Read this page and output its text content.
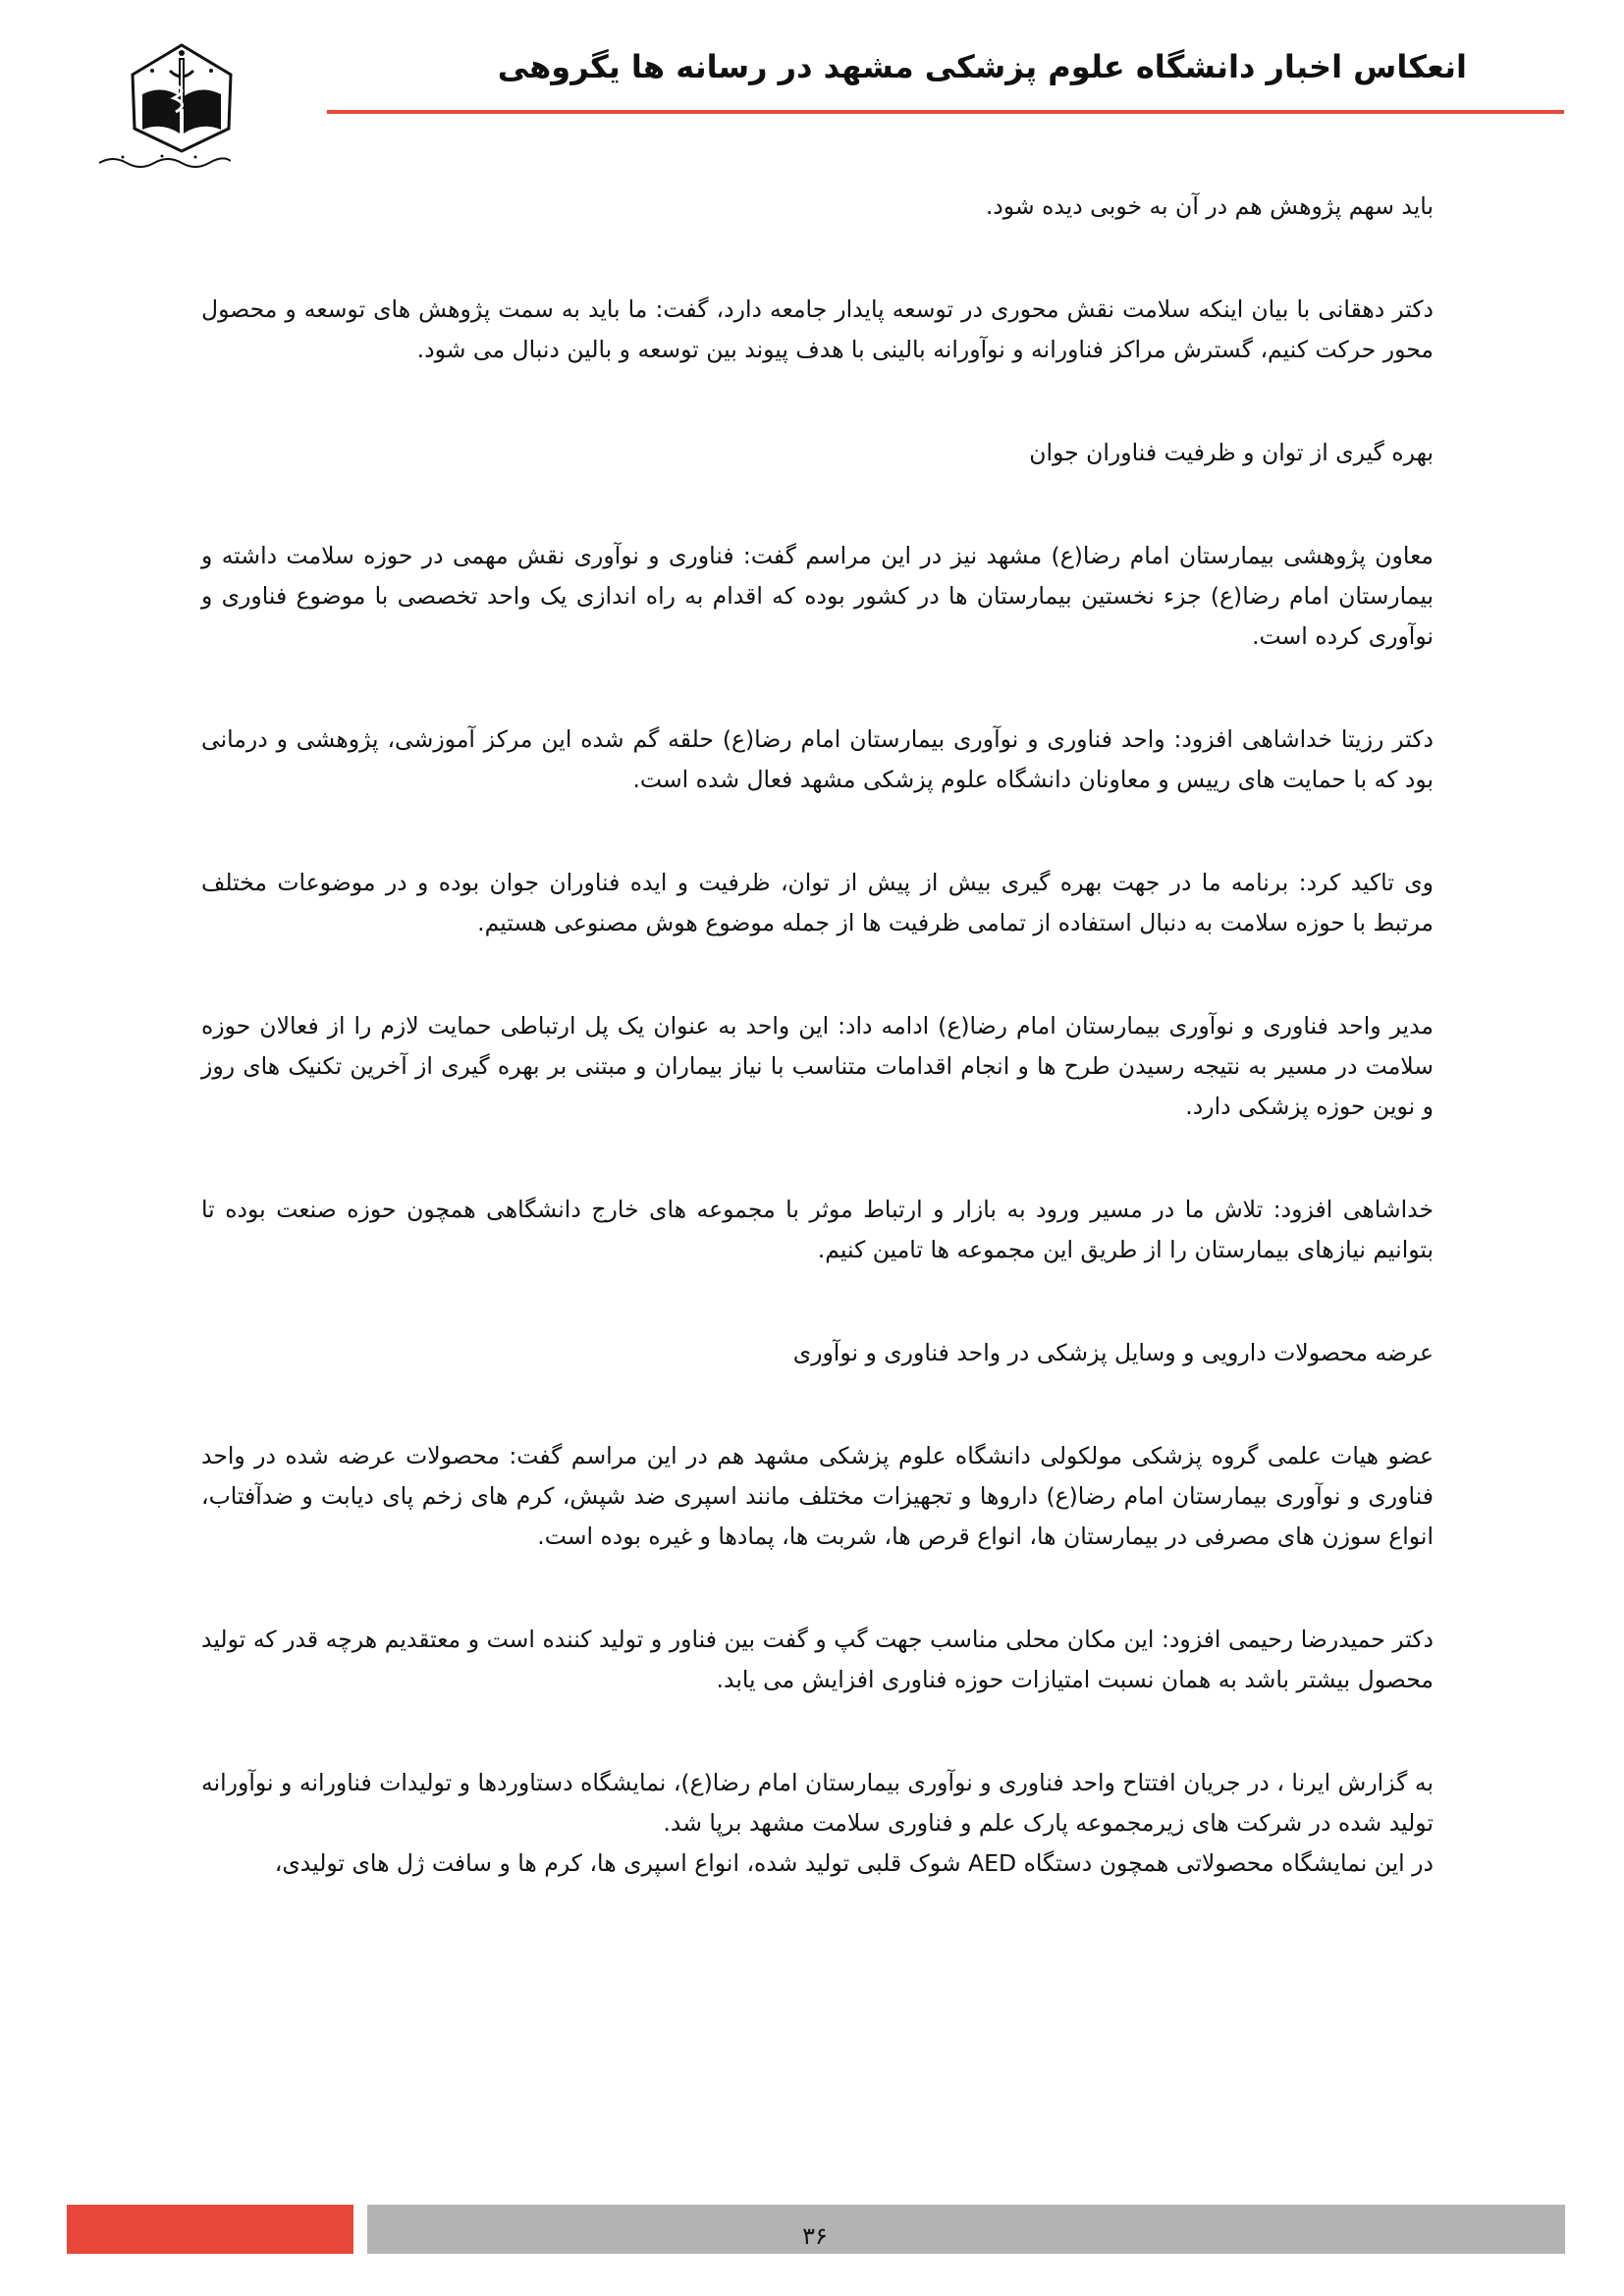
انعکاس اخبار دانشگاه علوم پزشکی مشهد در رسانه ها یگروهی

باید سهم پژوهش هم در آن به خوبی دیده شود.

دکتر دهقانی با بیان اینکه سلامت نقش محوری در توسعه پایدار جامعه دارد، گفت: ما باید به سمت پژوهش های توسعه و محصول محور حرکت کنیم، گسترش مراکز فناورانه و نوآورانه بالینی با هدف پیوند بین توسعه و بالین دنبال می شود.

بهره گیری از توان و ظرفیت فناوران جوان

معاون پژوهشی بیمارستان امام رضا(ع) مشهد نیز در این مراسم گفت: فناوری و نوآوری نقش مهمی در حوزه سلامت داشته و بیمارستان امام رضا(ع) جزء نخستین بیمارستان ها در کشور بوده که اقدام به راه اندازی یک واحد تخصصی با موضوع فناوری و نوآوری کرده است.

دکتر رزیتا خداشاهی افزود: واحد فناوری و نوآوری بیمارستان امام رضا(ع) حلقه گم شده این مرکز آموزشی، پژوهشی و درمانی بود که با حمایت های رییس و معاونان دانشگاه علوم پزشکی مشهد فعال شده است.

وی تاکید کرد: برنامه ما در جهت بهره گیری بیش از پیش از توان، ظرفیت و ایده فناوران جوان بوده و در موضوعات مختلف مرتبط با حوزه سلامت به دنبال استفاده از تمامی ظرفیت ها از جمله موضوع هوش مصنوعی هستیم.

مدیر واحد فناوری و نوآوری بیمارستان امام رضا(ع) ادامه داد: این واحد به عنوان یک پل ارتباطی حمایت لازم را از فعالان حوزه سلامت در مسیر به نتیجه رسیدن طرح ها و انجام اقدامات متناسب با نیاز بیماران و مبتنی بر بهره گیری از آخرین تکنیک های روز و نوین حوزه پزشکی دارد.

خداشاهی افزود: تلاش ما در مسیر ورود به بازار و ارتباط موثر با مجموعه های خارج دانشگاهی همچون حوزه صنعت بوده تا بتوانیم نیازهای بیمارستان را از طریق این مجموعه ها تامین کنیم.

عرضه محصولات دارویی و وسایل پزشکی در واحد فناوری و نوآوری

عضو هیات علمی گروه پزشکی مولکولی دانشگاه علوم پزشکی مشهد هم در این مراسم گفت: محصولات عرضه شده در واحد فناوری و نوآوری بیمارستان امام رضا(ع) داروها و تجهیزات مختلف مانند اسپری ضد شپش، کرم های زخم پای دیابت و ضدآفتاب، انواع سوزن های مصرفی در بیمارستان ها، انواع قرص ها، شربت ها، پمادها و غیره بوده است.

دکتر حمیدرضا رحیمی افزود: این مکان محلی مناسب جهت گپ و گفت بین فناور و تولید کننده است و معتقدیم هرچه قدر که تولید محصول بیشتر باشد به همان نسبت امتیازات حوزه فناوری افزایش می یابد.

به گزارش ایرنا ، در جریان افتتاح واحد فناوری و نوآوری بیمارستان امام رضا(ع)، نمایشگاه دستاوردها و تولیدات فناورانه و نوآورانه تولید شده در شرکت های زیرمجموعه پارک علم و فناوری سلامت مشهد برپا شد.

در این نمایشگاه محصولاتی همچون دستگاه AED شوک قلبی تولید شده، انواع اسپری ها، کرم ها و سافت ژل های تولیدی،

۳۶
